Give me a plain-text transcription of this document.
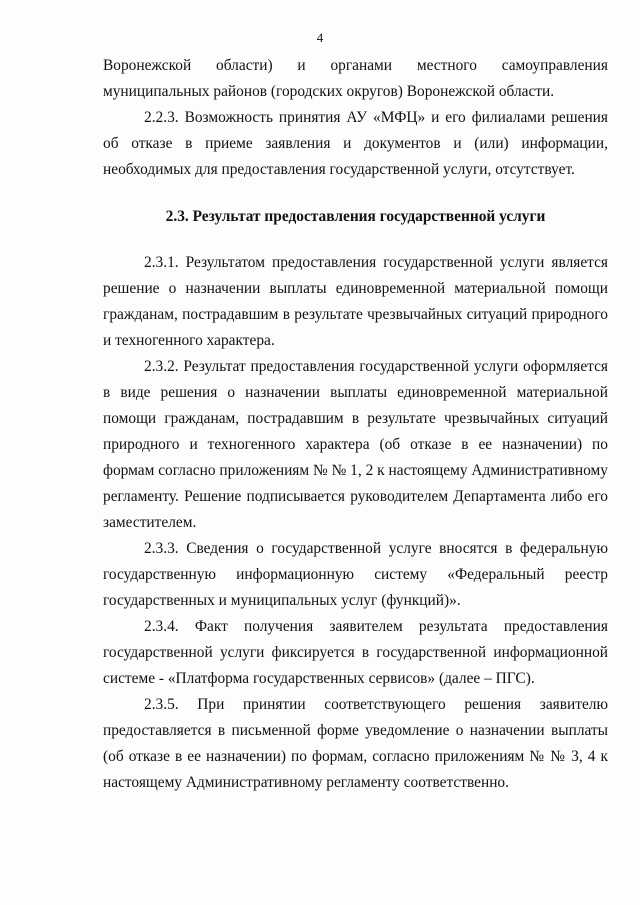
4

Воронежской области) и органами местного самоуправления муниципальных районов (городских округов) Воронежской области.

2.2.3. Возможность принятия АУ «МФЦ» и его филиалами решения об отказе в приеме заявления и документов и (или) информации, необходимых для предоставления государственной услуги, отсутствует.

2.3. Результат предоставления государственной услуги

2.3.1. Результатом предоставления государственной услуги является решение о назначении выплаты единовременной материальной помощи гражданам, пострадавшим в результате чрезвычайных ситуаций природного и техногенного характера.

2.3.2. Результат предоставления государственной услуги оформляется в виде решения о назначении выплаты единовременной материальной помощи гражданам, пострадавшим в результате чрезвычайных ситуаций природного и техногенного характера (об отказе в ее назначении) по формам согласно приложениям № № 1, 2 к настоящему Административному регламенту. Решение подписывается руководителем Департамента либо его заместителем.

2.3.3. Сведения о государственной услуге вносятся в федеральную государственную информационную систему «Федеральный реестр государственных и муниципальных услуг (функций)».

2.3.4. Факт получения заявителем результата предоставления государственной услуги фиксируется в государственной информационной системе - «Платформа государственных сервисов» (далее – ПГС).

2.3.5. При принятии соответствующего решения заявителю предоставляется в письменной форме уведомление о назначении выплаты (об отказе в ее назначении) по формам, согласно приложениям № № 3, 4 к настоящему Административному регламенту соответственно.
